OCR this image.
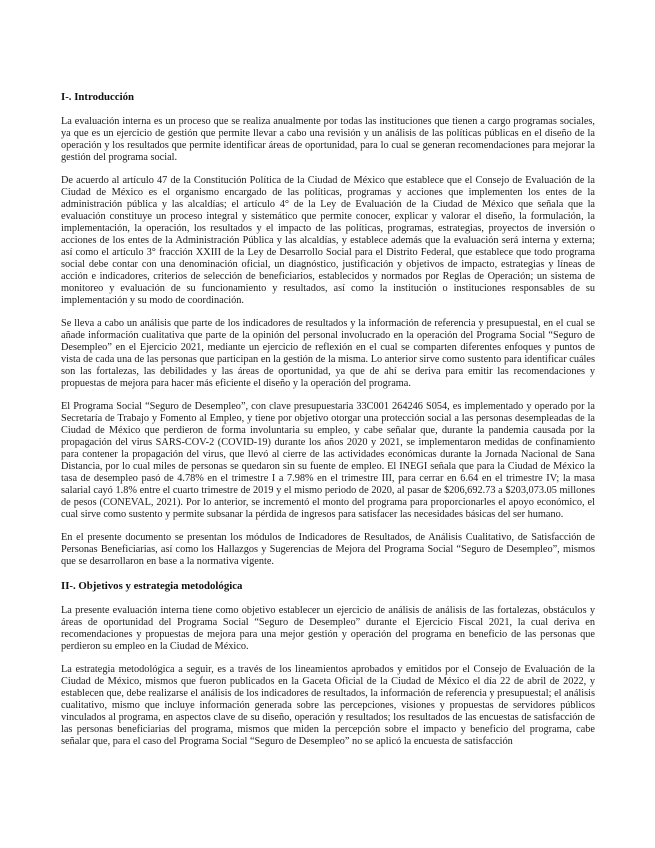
I-. Introducción

La evaluación interna es un proceso que se realiza anualmente por todas las instituciones que tienen a cargo programas sociales, ya que es un ejercicio de gestión que permite llevar a cabo una revisión y un análisis de las políticas públicas en el diseño de la operación y los resultados que permite identificar áreas de oportunidad, para lo cual se generan recomendaciones para mejorar la gestión del programa social.

De acuerdo al artículo 47 de la Constitución Política de la Ciudad de México que establece que el Consejo de Evaluación de la Ciudad de México es el organismo encargado de las políticas, programas y acciones que implementen los entes de la administración pública y las alcaldías; el artículo 4° de la Ley de Evaluación de la Ciudad de México que señala que la evaluación constituye un proceso integral y sistemático que permite conocer, explicar y valorar el diseño, la formulación, la implementación, la operación, los resultados y el impacto de las políticas, programas, estrategias, proyectos de inversión o acciones de los entes de la Administración Pública y las alcaldías, y establece además que la evaluación será interna y externa; así como el artículo 3° fracción XXIII de la Ley de Desarrollo Social para el Distrito Federal, que establece que todo programa social debe contar con una denominación oficial, un diagnóstico, justificación y objetivos de impacto, estrategias y líneas de acción e indicadores, criterios de selección de beneficiarios, establecidos y normados por Reglas de Operación; un sistema de monitoreo y evaluación de su funcionamiento y resultados, así como la institución o instituciones responsables de su implementación y su modo de coordinación.

Se lleva a cabo un análisis que parte de los indicadores de resultados y la información de referencia y presupuestal, en el cual se añade información cualitativa que parte de la opinión del personal involucrado en la operación del Programa Social “Seguro de Desempleo” en el Ejercicio 2021, mediante un ejercicio de reflexión en el cual se comparten diferentes enfoques y puntos de vista de cada una de las personas que participan en la gestión de la misma. Lo anterior sirve como sustento para identificar cuáles son las fortalezas, las debilidades y las áreas de oportunidad, ya que de ahí se deriva para emitir las recomendaciones y propuestas de mejora para hacer más eficiente el diseño y la operación del programa.

El Programa Social “Seguro de Desempleo”, con clave presupuestaria 33C001 264246 S054, es implementado y operado por la Secretaría de Trabajo y Fomento al Empleo, y tiene por objetivo otorgar una protección social a las personas desempleadas de la Ciudad de México que perdieron de forma involuntaria su empleo, y cabe señalar que, durante la pandemia causada por la propagación del virus SARS-COV-2 (COVID-19) durante los años 2020 y 2021, se implementaron medidas de confinamiento para contener la propagación del virus, que llevó al cierre de las actividades económicas durante la Jornada Nacional de Sana Distancia, por lo cual miles de personas se quedaron sin su fuente de empleo. El INEGI señala que para la Ciudad de México la tasa de desempleo pasó de 4.78% en el trimestre I a 7.98% en el trimestre III, para cerrar en 6.64 en el trimestre IV; la masa salarial cayó 1.8% entre el cuarto trimestre de 2019 y el mismo periodo de 2020, al pasar de $206,692.73 a $203,073.05 millones de pesos (CONEVAL, 2021). Por lo anterior, se incrementó el monto del programa para proporcionarles el apoyo económico, el cual sirve como sustento y permite subsanar la pérdida de ingresos para satisfacer las necesidades básicas del ser humano.

En el presente documento se presentan los módulos de Indicadores de Resultados, de Análisis Cualitativo, de Satisfacción de Personas Beneficiarias, así como los Hallazgos y Sugerencias de Mejora del Programa Social “Seguro de Desempleo”, mismos que se desarrollaron en base a la normativa vigente.

II-. Objetivos y estrategia metodológica

La presente evaluación interna tiene como objetivo establecer un ejercicio de análisis de análisis de las fortalezas, obstáculos y áreas de oportunidad del Programa Social “Seguro de Desempleo” durante el Ejercicio Fiscal 2021, la cual deriva en recomendaciones y propuestas de mejora para una mejor gestión y operación del programa en beneficio de las personas que perdieron su empleo en la Ciudad de México.

La estrategia metodológica a seguir, es a través de los lineamientos aprobados y emitidos por el Consejo de Evaluación de la Ciudad de México, mismos que fueron publicados en la Gaceta Oficial de la Ciudad de México el día 22 de abril de 2022, y establecen que, debe realizarse el análisis de los indicadores de resultados, la información de referencia y presupuestal; el análisis cualitativo, mismo que incluye información generada sobre las percepciones, visiones y propuestas de servidores públicos vinculados al programa, en aspectos clave de su diseño, operación y resultados; los resultados de las encuestas de satisfacción de las personas beneficiarias del programa, mismos que miden la percepción sobre el impacto y beneficio del programa, cabe señalar que, para el caso del Programa Social “Seguro de Desempleo” no se aplicó la encuesta de satisfacción
